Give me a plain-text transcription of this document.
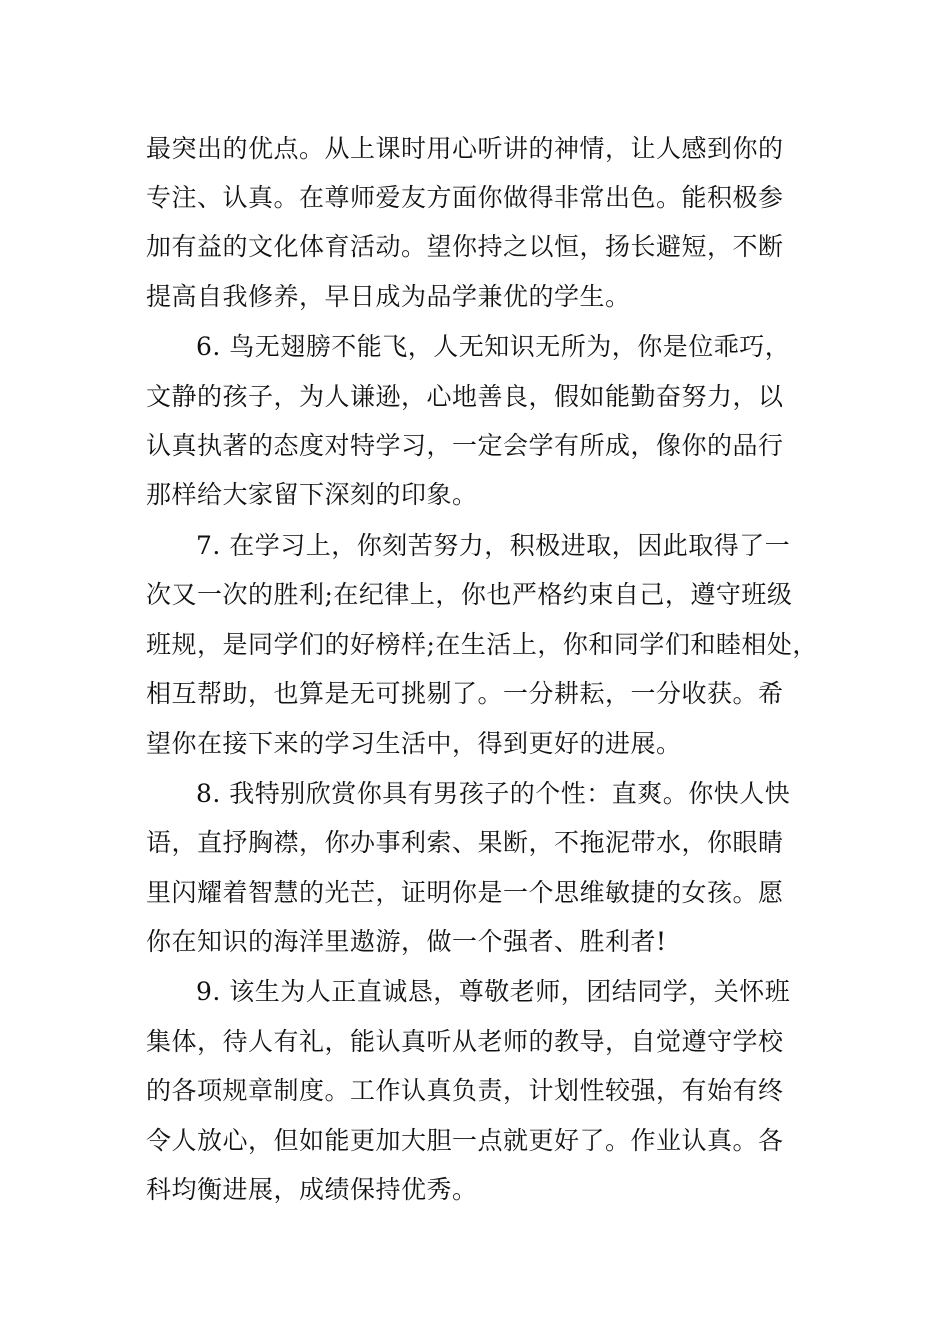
最突出的优点。从上课时用心听讲的神情，让人感到你的

专注、认真。在尊师爱友方面你做得非常出色。能积极参

加有益的文化体育活动。望你持之以恒，扬长避短，不断

提高自我修养，早日成为品学兼优的学生。

6. 鸟无翅膀不能飞，人无知识无所为，你是位乖巧，

文静的孩子，为人谦逊，心地善良，假如能勤奋努力，以

认真执著的态度对特学习，一定会学有所成，像你的品行

那样给大家留下深刻的印象。

7. 在学习上，你刻苦努力，积极进取，因此取得了一

次又一次的胜利;在纪律上，你也严格约束自己，遵守班级

班规，是同学们的好榜样;在生活上，你和同学们和睦相处，

相互帮助，也算是无可挑剔了。一分耕耘，一分收获。希

望你在接下来的学习生活中，得到更好的进展。

8. 我特别欣赏你具有男孩子的个性：直爽。你快人快

语，直抒胸襟，你办事利索、果断，不拖泥带水，你眼睛

里闪耀着智慧的光芒，证明你是一个思维敏捷的女孩。愿

你在知识的海洋里遨游，做一个强者、胜利者!

9. 该生为人正直诚恳，尊敬老师，团结同学，关怀班

集体，待人有礼，能认真听从老师的教导，自觉遵守学校

的各项规章制度。工作认真负责，计划性较强，有始有终

令人放心，但如能更加大胆一点就更好了。作业认真。各

科均衡进展，成绩保持优秀。
